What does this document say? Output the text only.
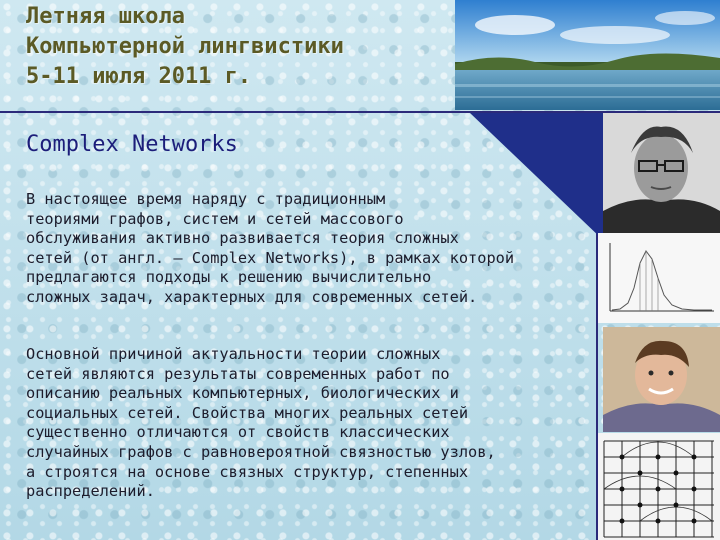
Летняя школа
Компьютерной лингвистики
5-11 июля 2011 г.
Complex Networks
В настоящее время наряду с традиционным
теориями графов, систем и сетей массового
обслуживания активно развивается теория сложных
сетей (от англ. – Complex Networks), в рамках которой
предлагаются подходы к решению вычислительно
сложных задач, характерных для современных сетей.
Основной причиной актуальности теории сложных
сетей являются результаты современных работ по
описанию реальных компьютерных, биологических и
социальных сетей. Свойства многих реальных сетей
существенно отличаются от свойств классических
случайных графов с равновероятной связностью узлов,
а строятся на основе связных структур, степенных
распределений.
